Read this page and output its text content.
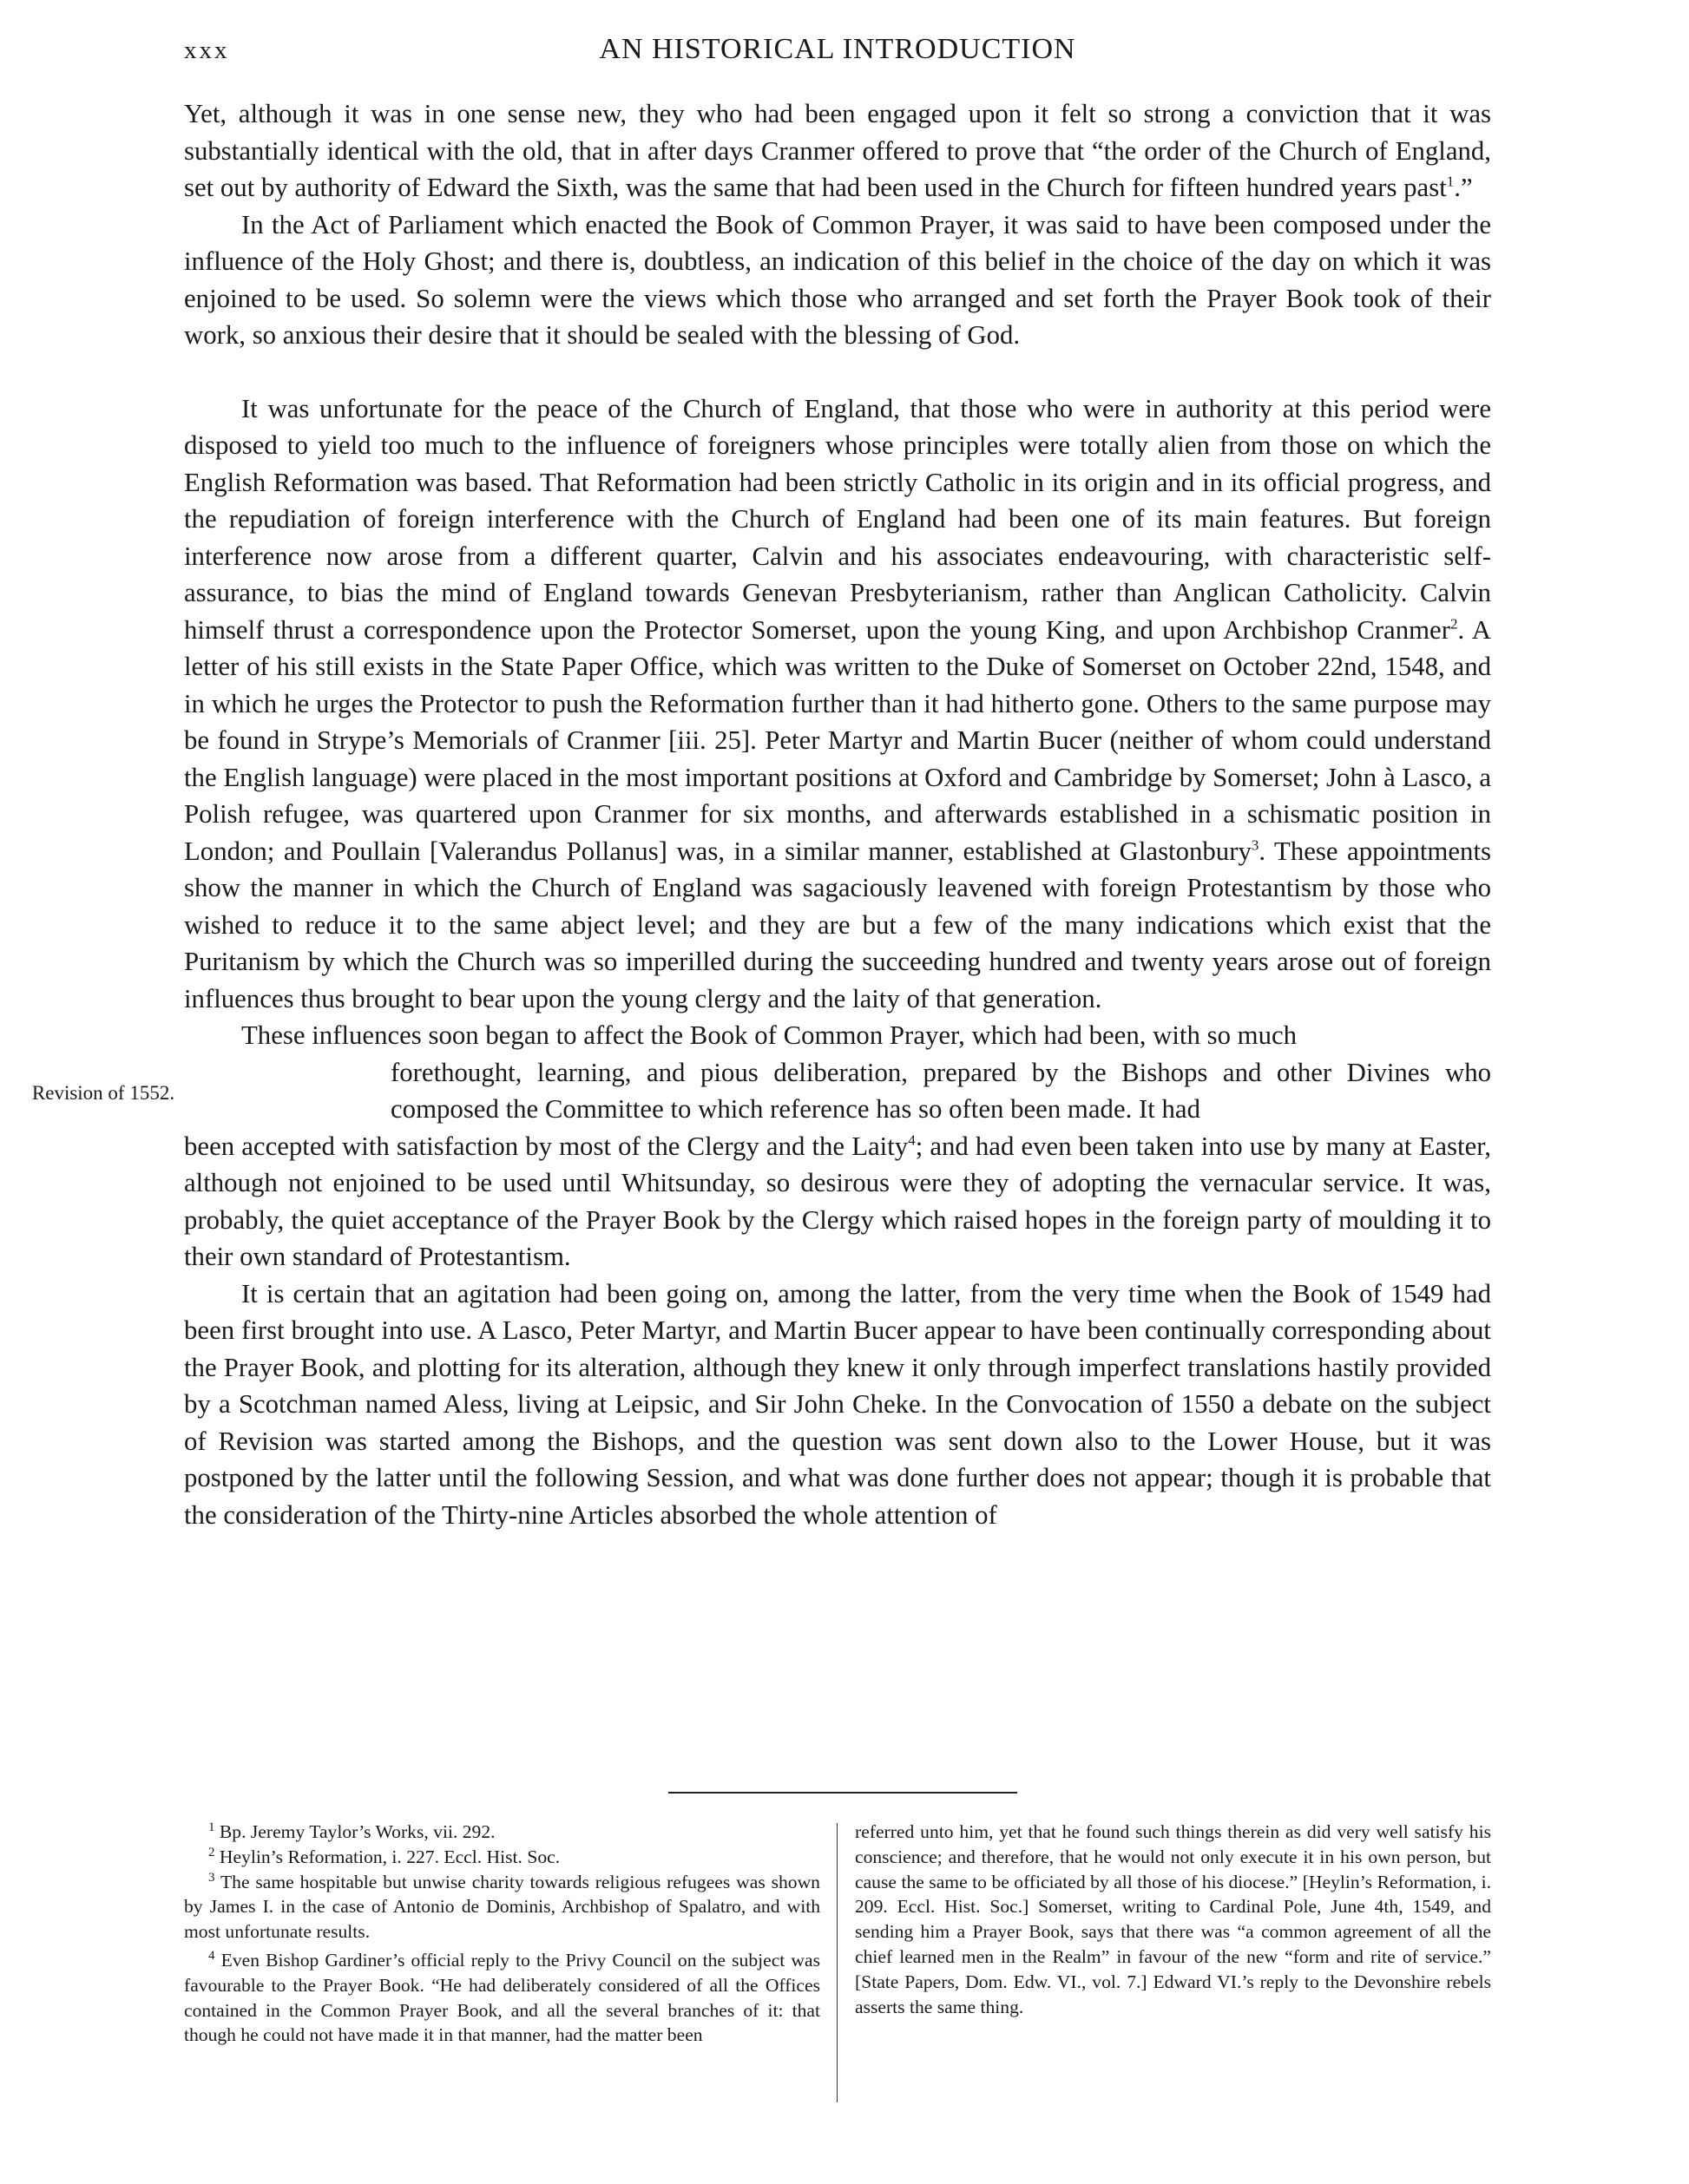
xxx	AN HISTORICAL INTRODUCTION

Yet, although it was in one sense new, they who had been engaged upon it felt so strong a conviction that it was substantially identical with the old, that in after days Cranmer offered to prove that “the order of the Church of England, set out by authority of Edward the Sixth, was the same that had been used in the Church for fifteen hundred years past$^1$.”

In the Act of Parliament which enacted the Book of Common Prayer, it was said to have been composed under the influence of the Holy Ghost; and there is, doubtless, an indication of this belief in the choice of the day on which it was enjoined to be used. So solemn were the views which those who arranged and set forth the Prayer Book took of their work, so anxious their desire that it should be sealed with the blessing of God.

It was unfortunate for the peace of the Church of England, that those who were in authority at this period were disposed to yield too much to the influence of foreigners whose principles were totally alien from those on which the English Reformation was based. That Reformation had been strictly Catholic in its origin and in its official progress, and the repudiation of foreign interference with the Church of England had been one of its main features. But foreign interference now arose from a different quarter, Calvin and his associates endeavouring, with characteristic self-assurance, to bias the mind of England towards Genevan Presbyterianism, rather than Anglican Catholicity. Calvin himself thrust a correspondence upon the Protector Somerset, upon the young King, and upon Archbishop Cranmer$^2$. A letter of his still exists in the State Paper Office, which was written to the Duke of Somerset on October 22nd, 1548, and in which he urges the Protector to push the Reformation further than it had hitherto gone. Others to the same purpose may be found in Strype’s Memorials of Cranmer [iii. 25]. Peter Martyr and Martin Bucer (neither of whom could understand the English language) were placed in the most important positions at Oxford and Cambridge by Somerset; John à Lasco, a Polish refugee, was quartered upon Cranmer for six months, and afterwards established in a schismatic position in London; and Poullain [Valerandus Pollanus] was, in a similar manner, established at Glastonbury$^3$. These appointments show the manner in which the Church of England was sagaciously leavened with foreign Protestantism by those who wished to reduce it to the same abject level; and they are but a few of the many indications which exist that the Puritanism by which the Church was so imperilled during the succeeding hundred and twenty years arose out of foreign influences thus brought to bear upon the young clergy and the laity of that generation.

These influences soon began to affect the Book of Common Prayer, which had been, with so much

Revision of 1552.
forethought, learning, and pious deliberation, prepared by the Bishops and other Divines who composed the Committee to which reference has so often been made. It had

been accepted with satisfaction by most of the Clergy and the Laity$^4$; and had even been taken into use by many at Easter, although not enjoined to be used until Whitsunday, so desirous were they of adopting the vernacular service. It was, probably, the quiet acceptance of the Prayer Book by the Clergy which raised hopes in the foreign party of moulding it to their own standard of Protestantism.

It is certain that an agitation had been going on, among the latter, from the very time when the Book of 1549 had been first brought into use. A Lasco, Peter Martyr, and Martin Bucer appear to have been continually corresponding about the Prayer Book, and plotting for its alteration, although they knew it only through imperfect translations hastily provided by a Scotchman named Aless, living at Leipsic, and Sir John Cheke. In the Convocation of 1550 a debate on the subject of Revision was started among the Bishops, and the question was sent down also to the Lower House, but it was postponed by the latter until the following Session, and what was done further does not appear; though it is probable that the consideration of the Thirty-nine Articles absorbed the whole attention of

$^1$ Bp. Jeremy Taylor’s Works, vii. 292.

$^2$ Heylin’s Reformation, i. 227. Eccl. Hist. Soc.

$^3$ The same hospitable but unwise charity towards religious refugees was shown by James I. in the case of Antonio de Dominis, Archbishop of Spalatro, and with most unfortunate results.

$^4$ Even Bishop Gardiner’s official reply to the Privy Council on the subject was favourable to the Prayer Book. “He had deliberately considered of all the Offices contained in the Common Prayer Book, and all the several branches of it: that though he could not have made it in that manner, had the matter been

referred unto him, yet that he found such things therein as did very well satisfy his conscience; and therefore, that he would not only execute it in his own person, but cause the same to be officiated by all those of his diocese.” [Heylin’s Reformation, i. 209. Eccl. Hist. Soc.] Somerset, writing to Cardinal Pole, June 4th, 1549, and sending him a Prayer Book, says that there was “a common agreement of all the chief learned men in the Realm” in favour of the new “form and rite of service.” [State Papers, Dom. Edw. VI., vol. 7.] Edward VI.’s reply to the Devonshire rebels asserts the same thing.
